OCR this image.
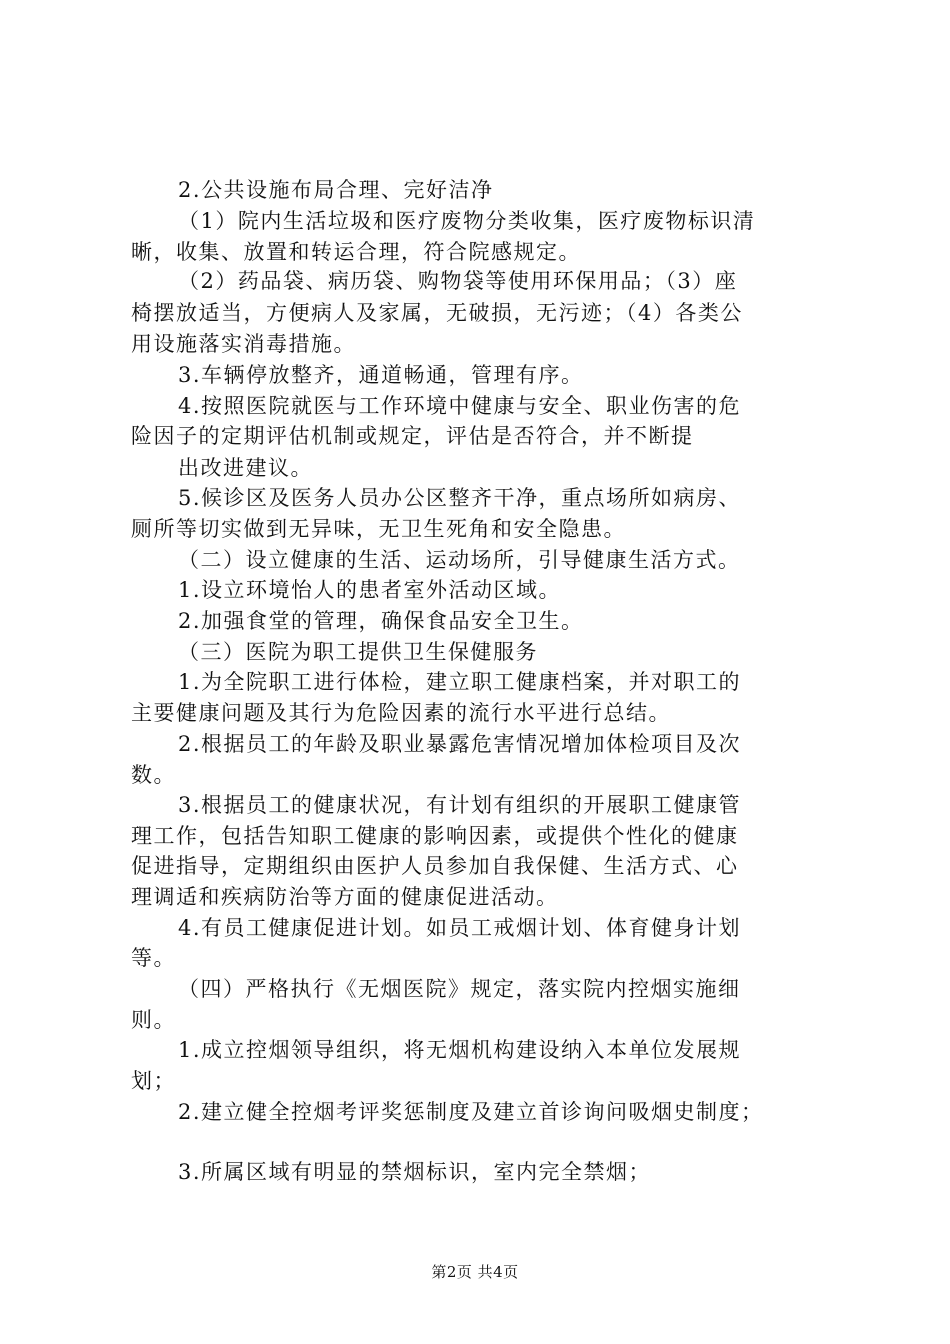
2.公共设施布局合理、完好洁净
（1）院内生活垃圾和医疗废物分类收集，医疗废物标识清
晰，收集、放置和转运合理，符合院感规定。
（2）药品袋、病历袋、购物袋等使用环保用品；（3）座
椅摆放适当，方便病人及家属，无破损，无污迹；（4）各类公
用设施落实消毒措施。
3.车辆停放整齐，通道畅通，管理有序。
4.按照医院就医与工作环境中健康与安全、职业伤害的危
险因子的定期评估机制或规定，评估是否符合，并不断提
出改进建议。
5.候诊区及医务人员办公区整齐干净，重点场所如病房、
厕所等切实做到无异味，无卫生死角和安全隐患。
（二）设立健康的生活、运动场所，引导健康生活方式。
1.设立环境怡人的患者室外活动区域。
2.加强食堂的管理，确保食品安全卫生。
（三）医院为职工提供卫生保健服务
1.为全院职工进行体检，建立职工健康档案，并对职工的
主要健康问题及其行为危险因素的流行水平进行总结。
2.根据员工的年龄及职业暴露危害情况增加体检项目及次
数。
3.根据员工的健康状况，有计划有组织的开展职工健康管
理工作，包括告知职工健康的影响因素，或提供个性化的健康
促进指导，定期组织由医护人员参加自我保健、生活方式、心
理调适和疾病防治等方面的健康促进活动。
4.有员工健康促进计划。如员工戒烟计划、体育健身计划
等。
（四）严格执行《无烟医院》规定，落实院内控烟实施细
则。
1.成立控烟领导组织，将无烟机构建设纳入本单位发展规
划；
2.建立健全控烟考评奖惩制度及建立首诊询问吸烟史制度；
3.所属区域有明显的禁烟标识，室内完全禁烟；
第2页 共4页
